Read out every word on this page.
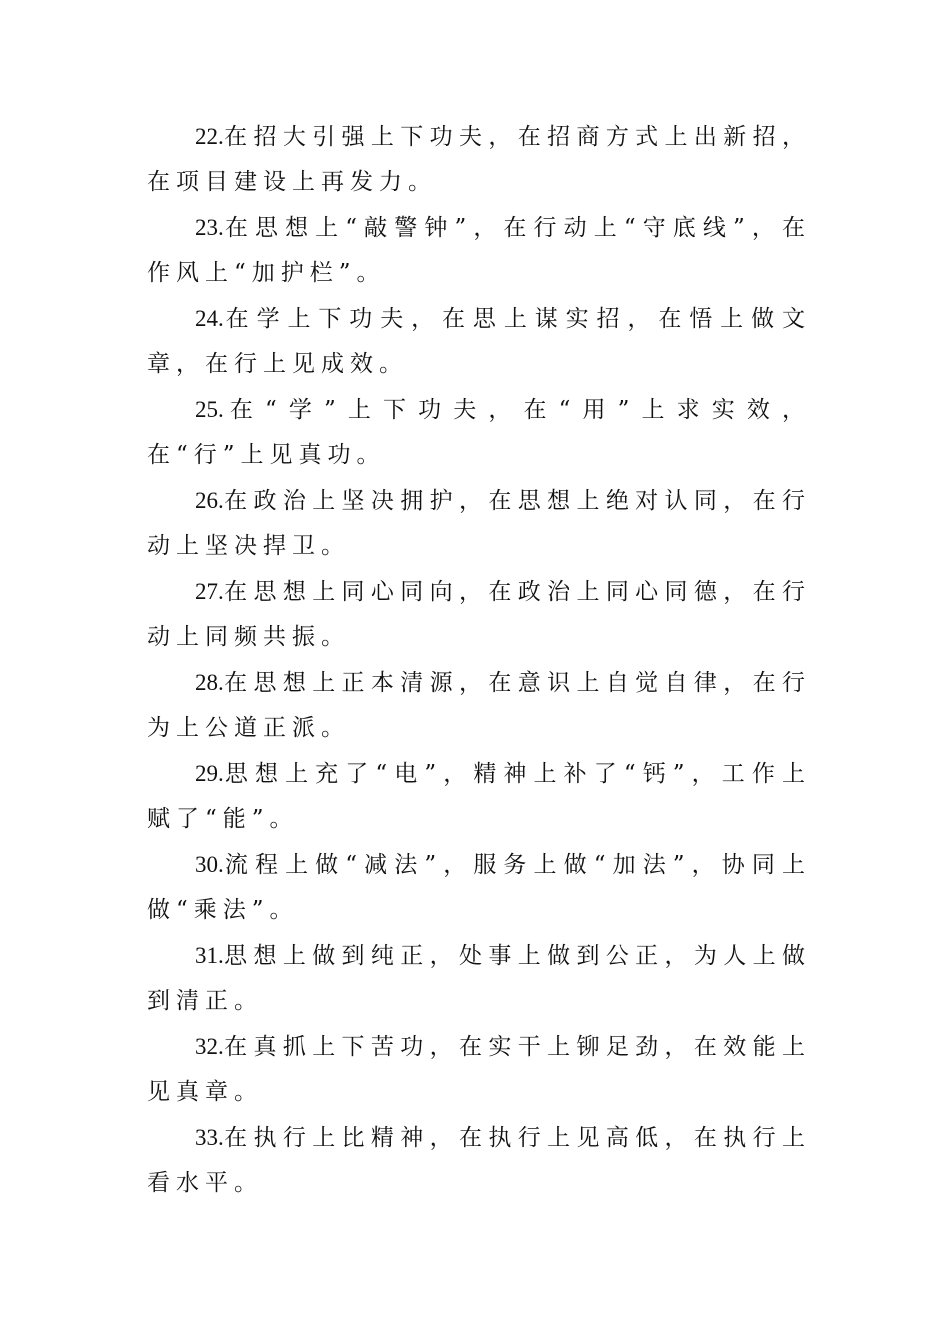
22.在招大引强上下功夫，在招商方式上出新招，在项目建设上再发力。

23.在思想上“敲警钟”，在行动上“守底线”，在作风上“加护栏”。

24.在学上下功夫，在思上谋实招，在悟上做文章，在行上见成效。

25.在“学”上下功夫，在“用”上求实效，在“行”上见真功。

26.在政治上坚决拥护，在思想上绝对认同，在行动上坚决捍卫。

27.在思想上同心同向，在政治上同心同德，在行动上同频共振。

28.在思想上正本清源，在意识上自觉自律，在行为上公道正派。

29.思想上充了“电”，精神上补了“钙”，工作上赋了“能”。

30.流程上做“减法”，服务上做“加法”，协同上做“乘法”。

31.思想上做到纯正，处事上做到公正，为人上做到清正。

32.在真抓上下苦功，在实干上铆足劲，在效能上见真章。

33.在执行上比精神，在执行上见高低，在执行上看水平。
